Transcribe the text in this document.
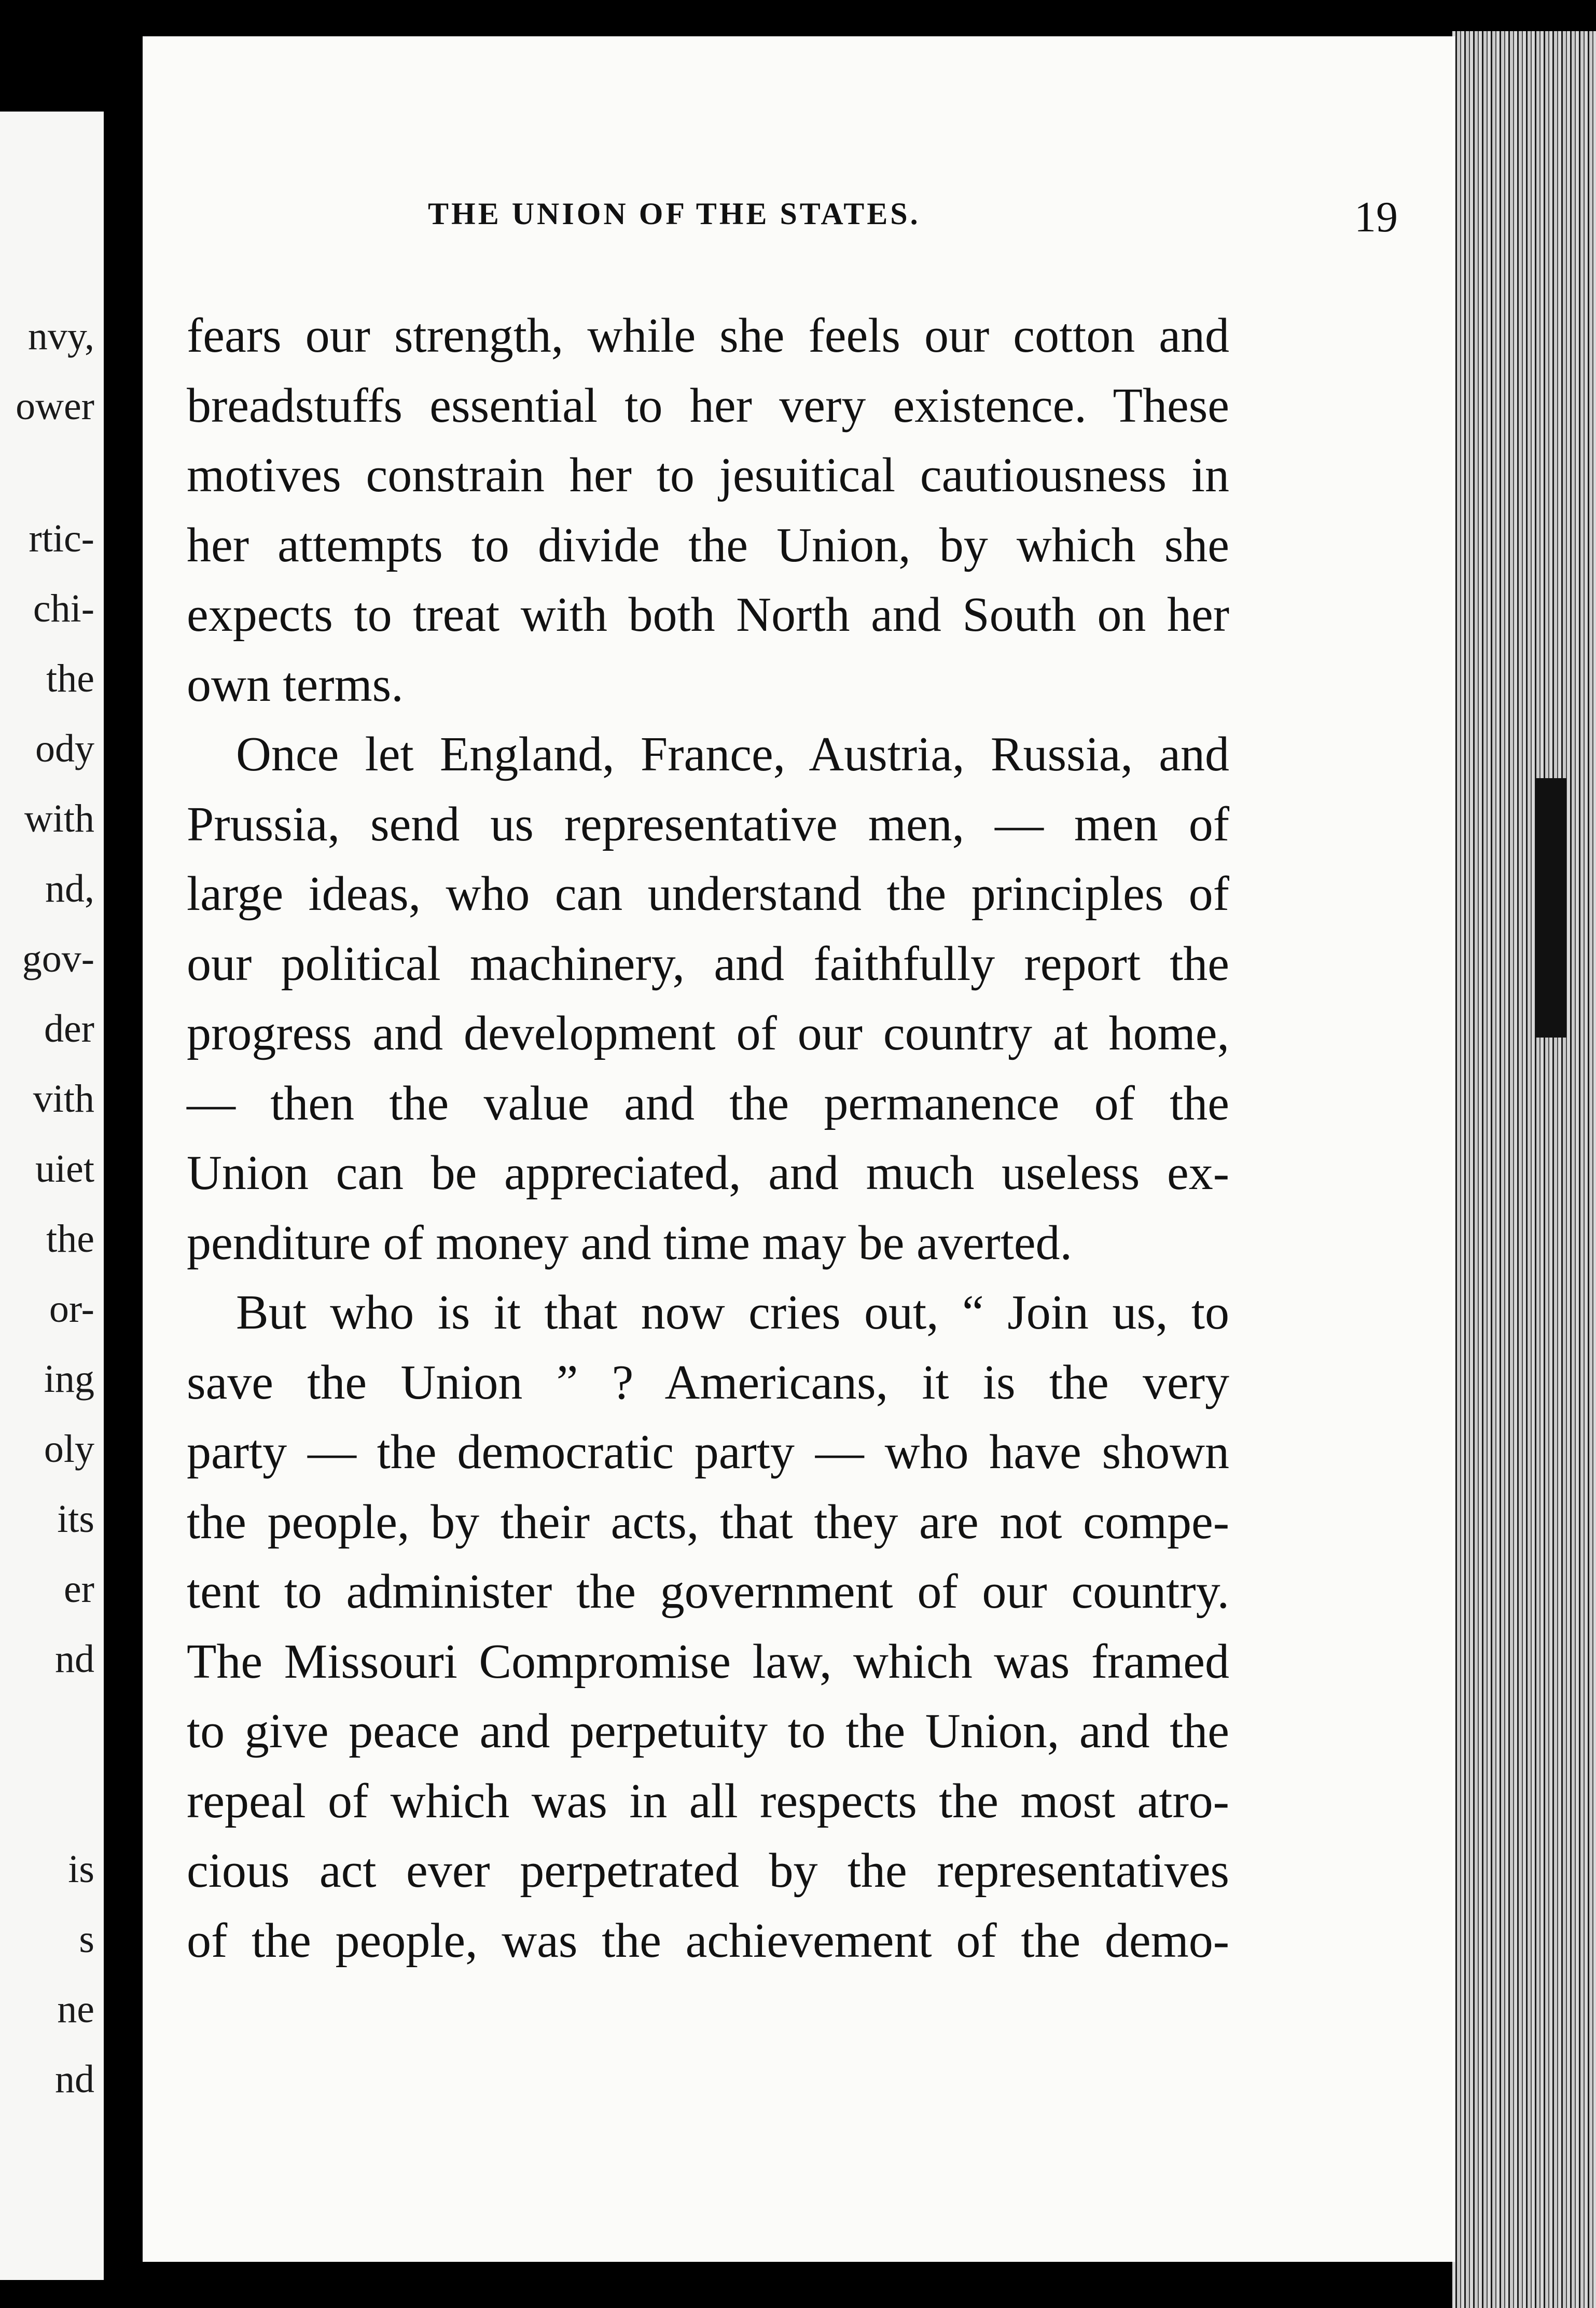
nvy,
ower
rtic-
chi-
the
ody
with
nd,
gov-
der
vith
uiet
the
or-
ing
oly
its
er
nd
is
s
ne
nd
THE UNION OF THE STATES.	19
fears our strength, while she feels our cotton and
breadstuffs essential to her very existence. These
motives constrain her to jesuitical cautiousness in
her attempts to divide the Union, by which she
expects to treat with both North and South on her
own terms.
Once let England, France, Austria, Russia, and
Prussia, send us representative men, — men of
large ideas, who can understand the principles of
our political machinery, and faithfully report the
progress and development of our country at home,
— then the value and the permanence of the
Union can be appreciated, and much useless ex-
penditure of money and time may be averted.
But who is it that now cries out, “ Join us, to
save the Union ” ? Americans, it is the very
party — the democratic party — who have shown
the people, by their acts, that they are not compe-
tent to administer the government of our country.
The Missouri Compromise law, which was framed
to give peace and perpetuity to the Union, and the
repeal of which was in all respects the most atro-
cious act ever perpetrated by the representatives
of the people, was the achievement of the demo-
